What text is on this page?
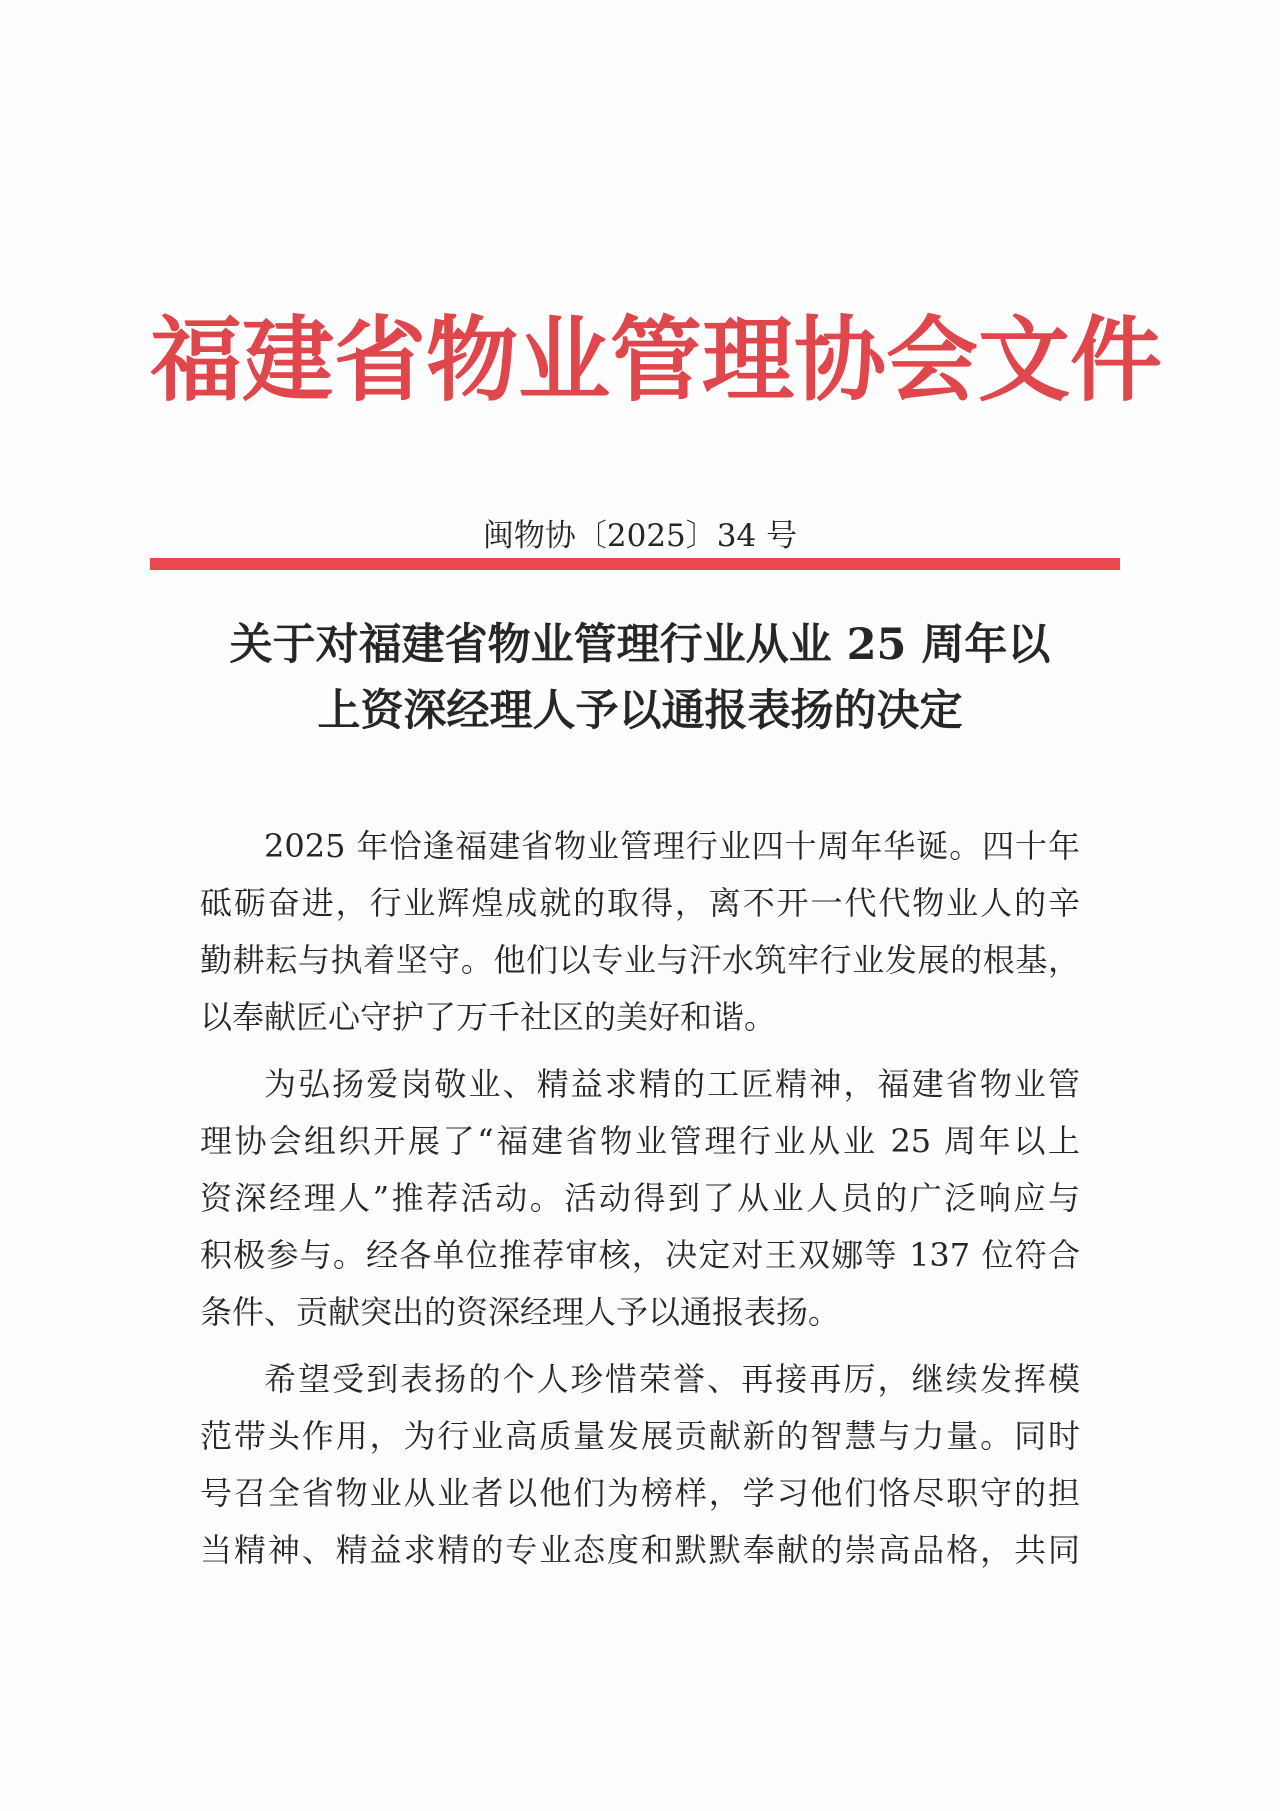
福建省物业管理协会文件
闽物协〔2025〕34 号
关于对福建省物业管理行业从业 25 周年以
上资深经理人予以通报表扬的决定

2025 年恰逢福建省物业管理行业四十周年华诞。四十年
砥砺奋进，行业辉煌成就的取得，离不开一代代物业人的辛
勤耕耘与执着坚守。他们以专业与汗水筑牢行业发展的根基，
以奉献匠心守护了万千社区的美好和谐。

为弘扬爱岗敬业、精益求精的工匠精神，福建省物业管
理协会组织开展了“福建省物业管理行业从业 25 周年以上
资深经理人”推荐活动。活动得到了从业人员的广泛响应与
积极参与。经各单位推荐审核，决定对王双娜等 137 位符合
条件、贡献突出的资深经理人予以通报表扬。

希望受到表扬的个人珍惜荣誉、再接再厉，继续发挥模
范带头作用，为行业高质量发展贡献新的智慧与力量。同时
号召全省物业从业者以他们为榜样，学习他们恪尽职守的担
当精神、精益求精的专业态度和默默奉献的崇高品格，共同
